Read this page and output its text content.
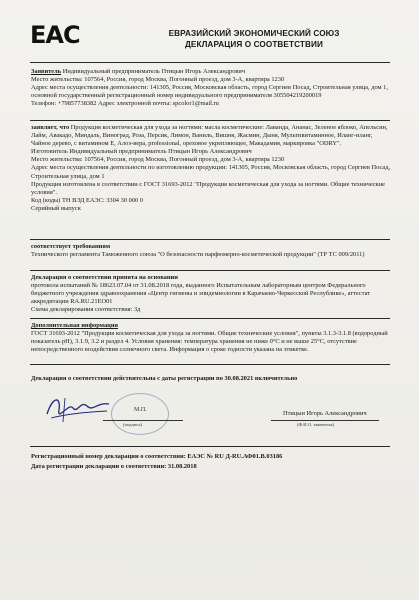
EAC	ЕВРАЗИЙСКИЙ ЭКОНОМИЧЕСКИЙ СОЮЗ
ДЕКЛАРАЦИЯ О СООТВЕТСТВИИ

Заявитель Индивидуальный предприниматель Птицын Игорь Александрович

Место жительства: 107564, Россия, город Москва, Погонный проезд, дом 3-А, квартира 1230

Адрес места осуществления деятельности: 141305, Россия, Московская область, город Сергиев Посад, Строительная улица, дом 1, основной государственный регистрационный номер индивидуального предпринимателя 305504219200019

Телефон: +79857738382 Адрес электронной почты: spcolor1@mail.ru

заявляет, что Продукция косметическая для ухода за ногтями: масла косметические: Лаванда, Ананас, Зеленое яблоко, Апельсин, Лайм, Авакадо, Миндаль, Виноград, Роза, Персик, Лимон, Ваниль, Вишня, Жасмин, Дыня, Мультивитаминное, Иланг-иланг, Чайное дерево, с витамином Е, Алоэ-вера, professional, ореховое укрепляющее, Макадамия, маркировка "ODRY".

Изготовитель Индивидуальный предприниматель Птицын Игорь Александрович

Место жительства: 107564, Россия, город Москва, Погонный проезд, дом 3-А, квартира 1230

Адрес места осуществления деятельности по изготовлению продукции: 141305, Россия, Московская область, город Сергиев Посад, Строительная улица, дом 1

Продукция изготовлена в соответствии с ГОСТ 31693-2012 "Продукция косметическая для ухода за ногтями. Общие технические условия".

Код (коды) ТН ВЭД ЕАЭС: 3304 30 000 0

Серийный выпуск

соответствует требованиям

Технического регламента Таможенного союза "О безопасности парфюмерно-косметической продукции" (ТР ТС 009/2011)

Декларация о соответствии принята на основании

протокола испытаний № 18623.07.04 от 31.08.2018 года, выданного Испытательным лабораторным центром Федерального бюджетного учреждения здравоохранения «Центр гигиены и эпидемиологии в Карачаево-Черкесской Республике», аттестат аккредитации RA.RU.21EO01

Схема декларирования соответствия: 3д

Дополнительная информация

ГОСТ 31693-2012 "Продукция косметическая для ухода за ногтями. Общие технические условия", пункты 3.1.3-3.1.8 (водородный показатель pH), 3.1.9, 3.2 и раздел 4. Условия хранения: температура хранения не ниже 0°С и не выше 25°С, отсутствие непосредственного воздействия солнечного света. Информация о сроке годности указана на этикетке.

Декларация о соответствии действительна с даты регистрации по 30.08.2021 включительно

М.П.
(подпись)
Птицын Игорь Александрович
(Ф.И.О. заявителя)

Регистрационный номер декларации о соответствии: ЕАЭС № RU Д-RU.АФ01.В.03186

Дата регистрации декларации о соответствии: 31.08.2018
